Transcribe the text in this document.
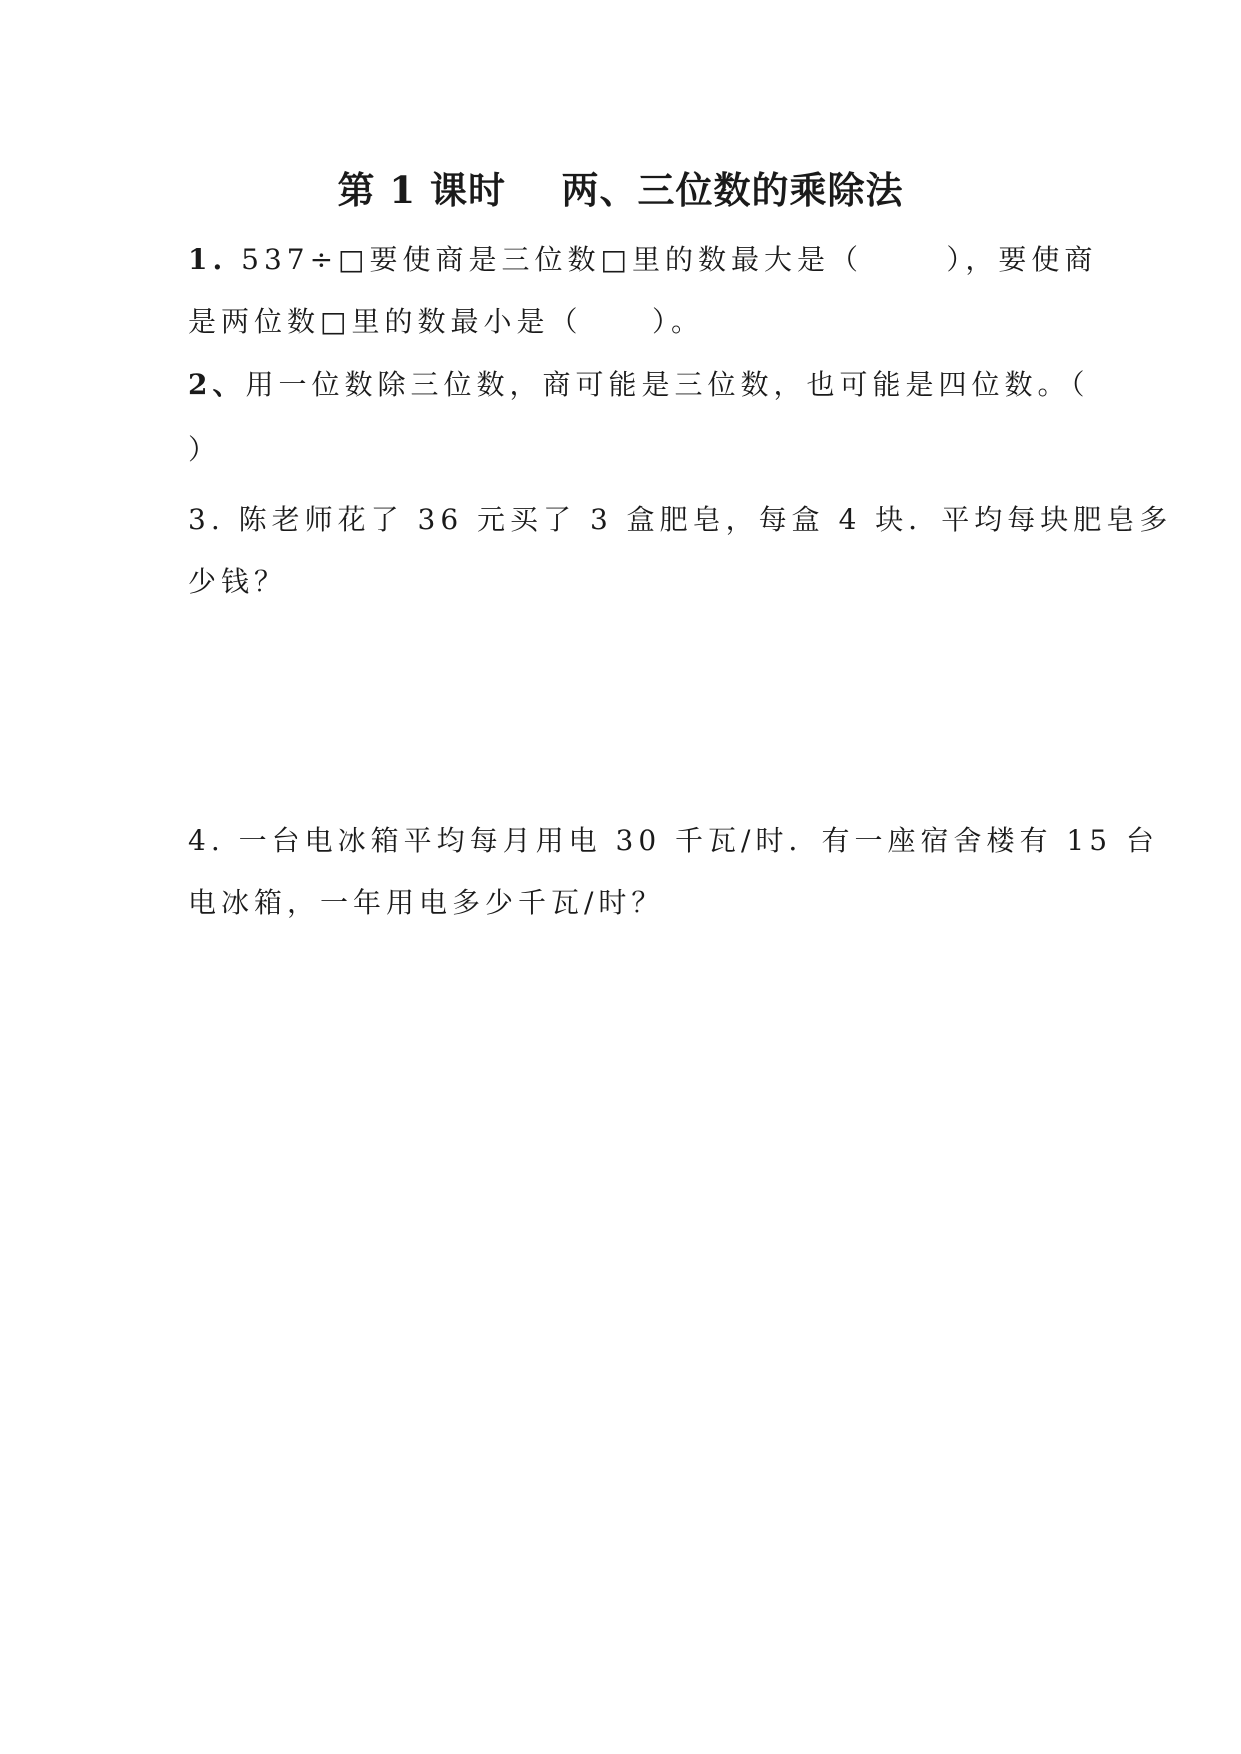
第 1 课时    两、三位数的乘除法
1. 537÷□要使商是三位数□里的数最大是（      ），要使商
是两位数□里的数最小是（     ）。
2、用一位数除三位数，商可能是三位数，也可能是四位数。（
）
3. 陈老师花了 36 元买了 3 盒肥皂，每盒 4 块．平均每块肥皂多
少钱？
4. 一台电冰箱平均每月用电 30 千瓦/时．有一座宿舍楼有 15 台
电冰箱，一年用电多少千瓦/时？
